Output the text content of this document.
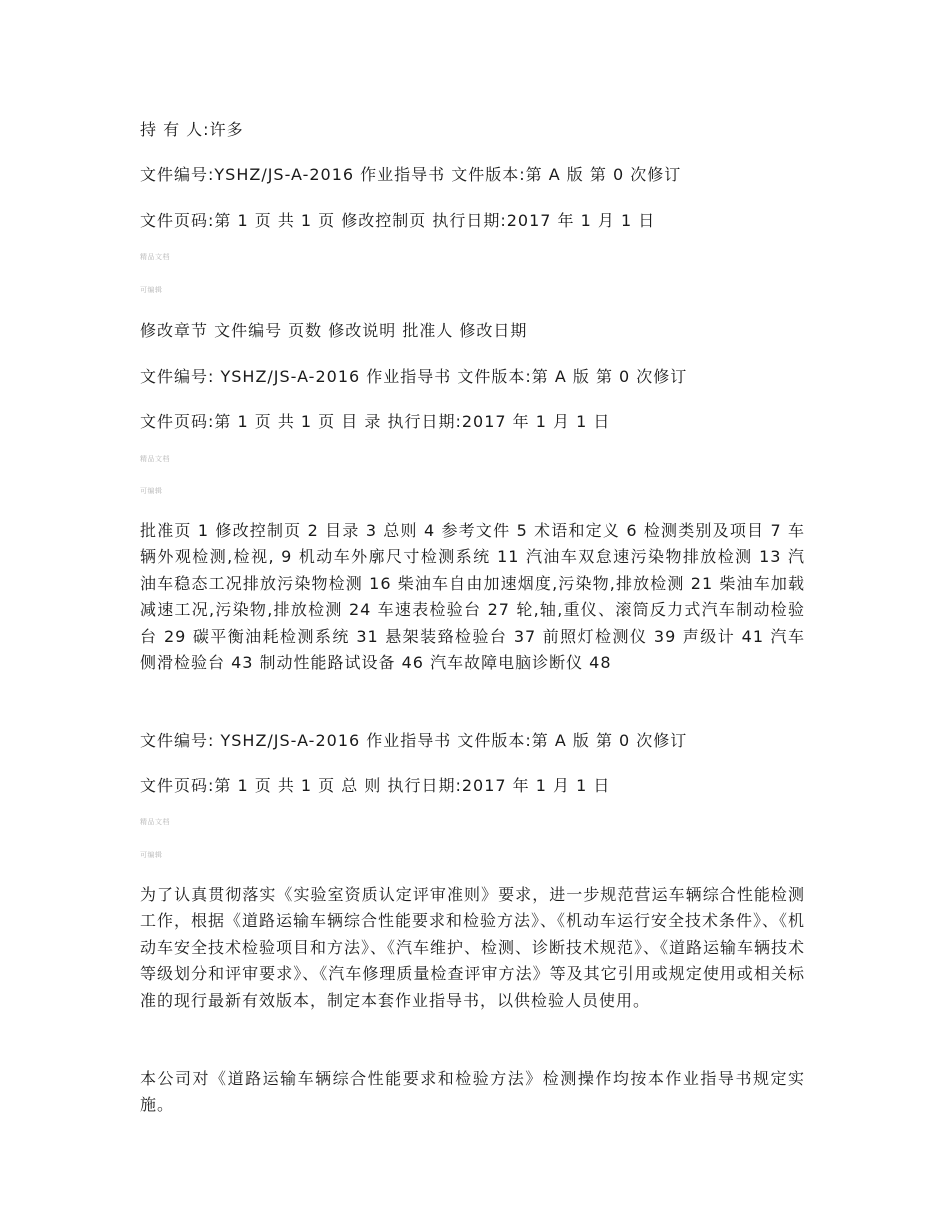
持 有 人:许多
文件编号:YSHZ/JS-A-2016 作业指导书 文件版本:第 A 版 第 0 次修订
文件页码:第 1 页 共 1 页 修改控制页 执行日期:2017 年 1 月 1 日
精品文档
可编辑
修改章节 文件编号 页数 修改说明 批准人 修改日期
文件编号: YSHZ/JS-A-2016 作业指导书 文件版本:第 A 版 第 0 次修订
文件页码:第 1 页 共 1 页 目 录 执行日期:2017 年 1 月 1 日
精品文档
可编辑
批准页 1 修改控制页 2 目录 3 总则 4 参考文件 5 术语和定义 6 检测类别及项目 7 车辆外观检测,检视, 9 机动车外廓尺寸检测系统 11 汽油车双怠速污染物排放检测 13 汽油车稳态工况排放污染物检测 16 柴油车自由加速烟度,污染物,排放检测 21 柴油车加载减速工况,污染物,排放检测 24 车速表检验台 27 轮,轴,重仪、滚筒反力式汽车制动检验台 29 碳平衡油耗检测系统 31 悬架装臵检验台 37 前照灯检测仪 39 声级计 41 汽车侧滑检验台 43 制动性能路试设备 46 汽车故障电脑诊断仪 48
文件编号: YSHZ/JS-A-2016 作业指导书 文件版本:第 A 版 第 0 次修订
文件页码:第 1 页 共 1 页 总 则 执行日期:2017 年 1 月 1 日
精品文档
可编辑
为了认真贯彻落实《实验室资质认定评审准则》要求，进一步规范营运车辆综合性能检测工作，根据《道路运输车辆综合性能要求和检验方法》、《机动车运行安全技术条件》、《机动车安全技术检验项目和方法》、《汽车维护、检测、诊断技术规范》、《道路运输车辆技术等级划分和评审要求》、《汽车修理质量检查评审方法》等及其它引用或规定使用或相关标准的现行最新有效版本，制定本套作业指导书，以供检验人员使用。
本公司对《道路运输车辆综合性能要求和检验方法》检测操作均按本作业指导书规定实施。
